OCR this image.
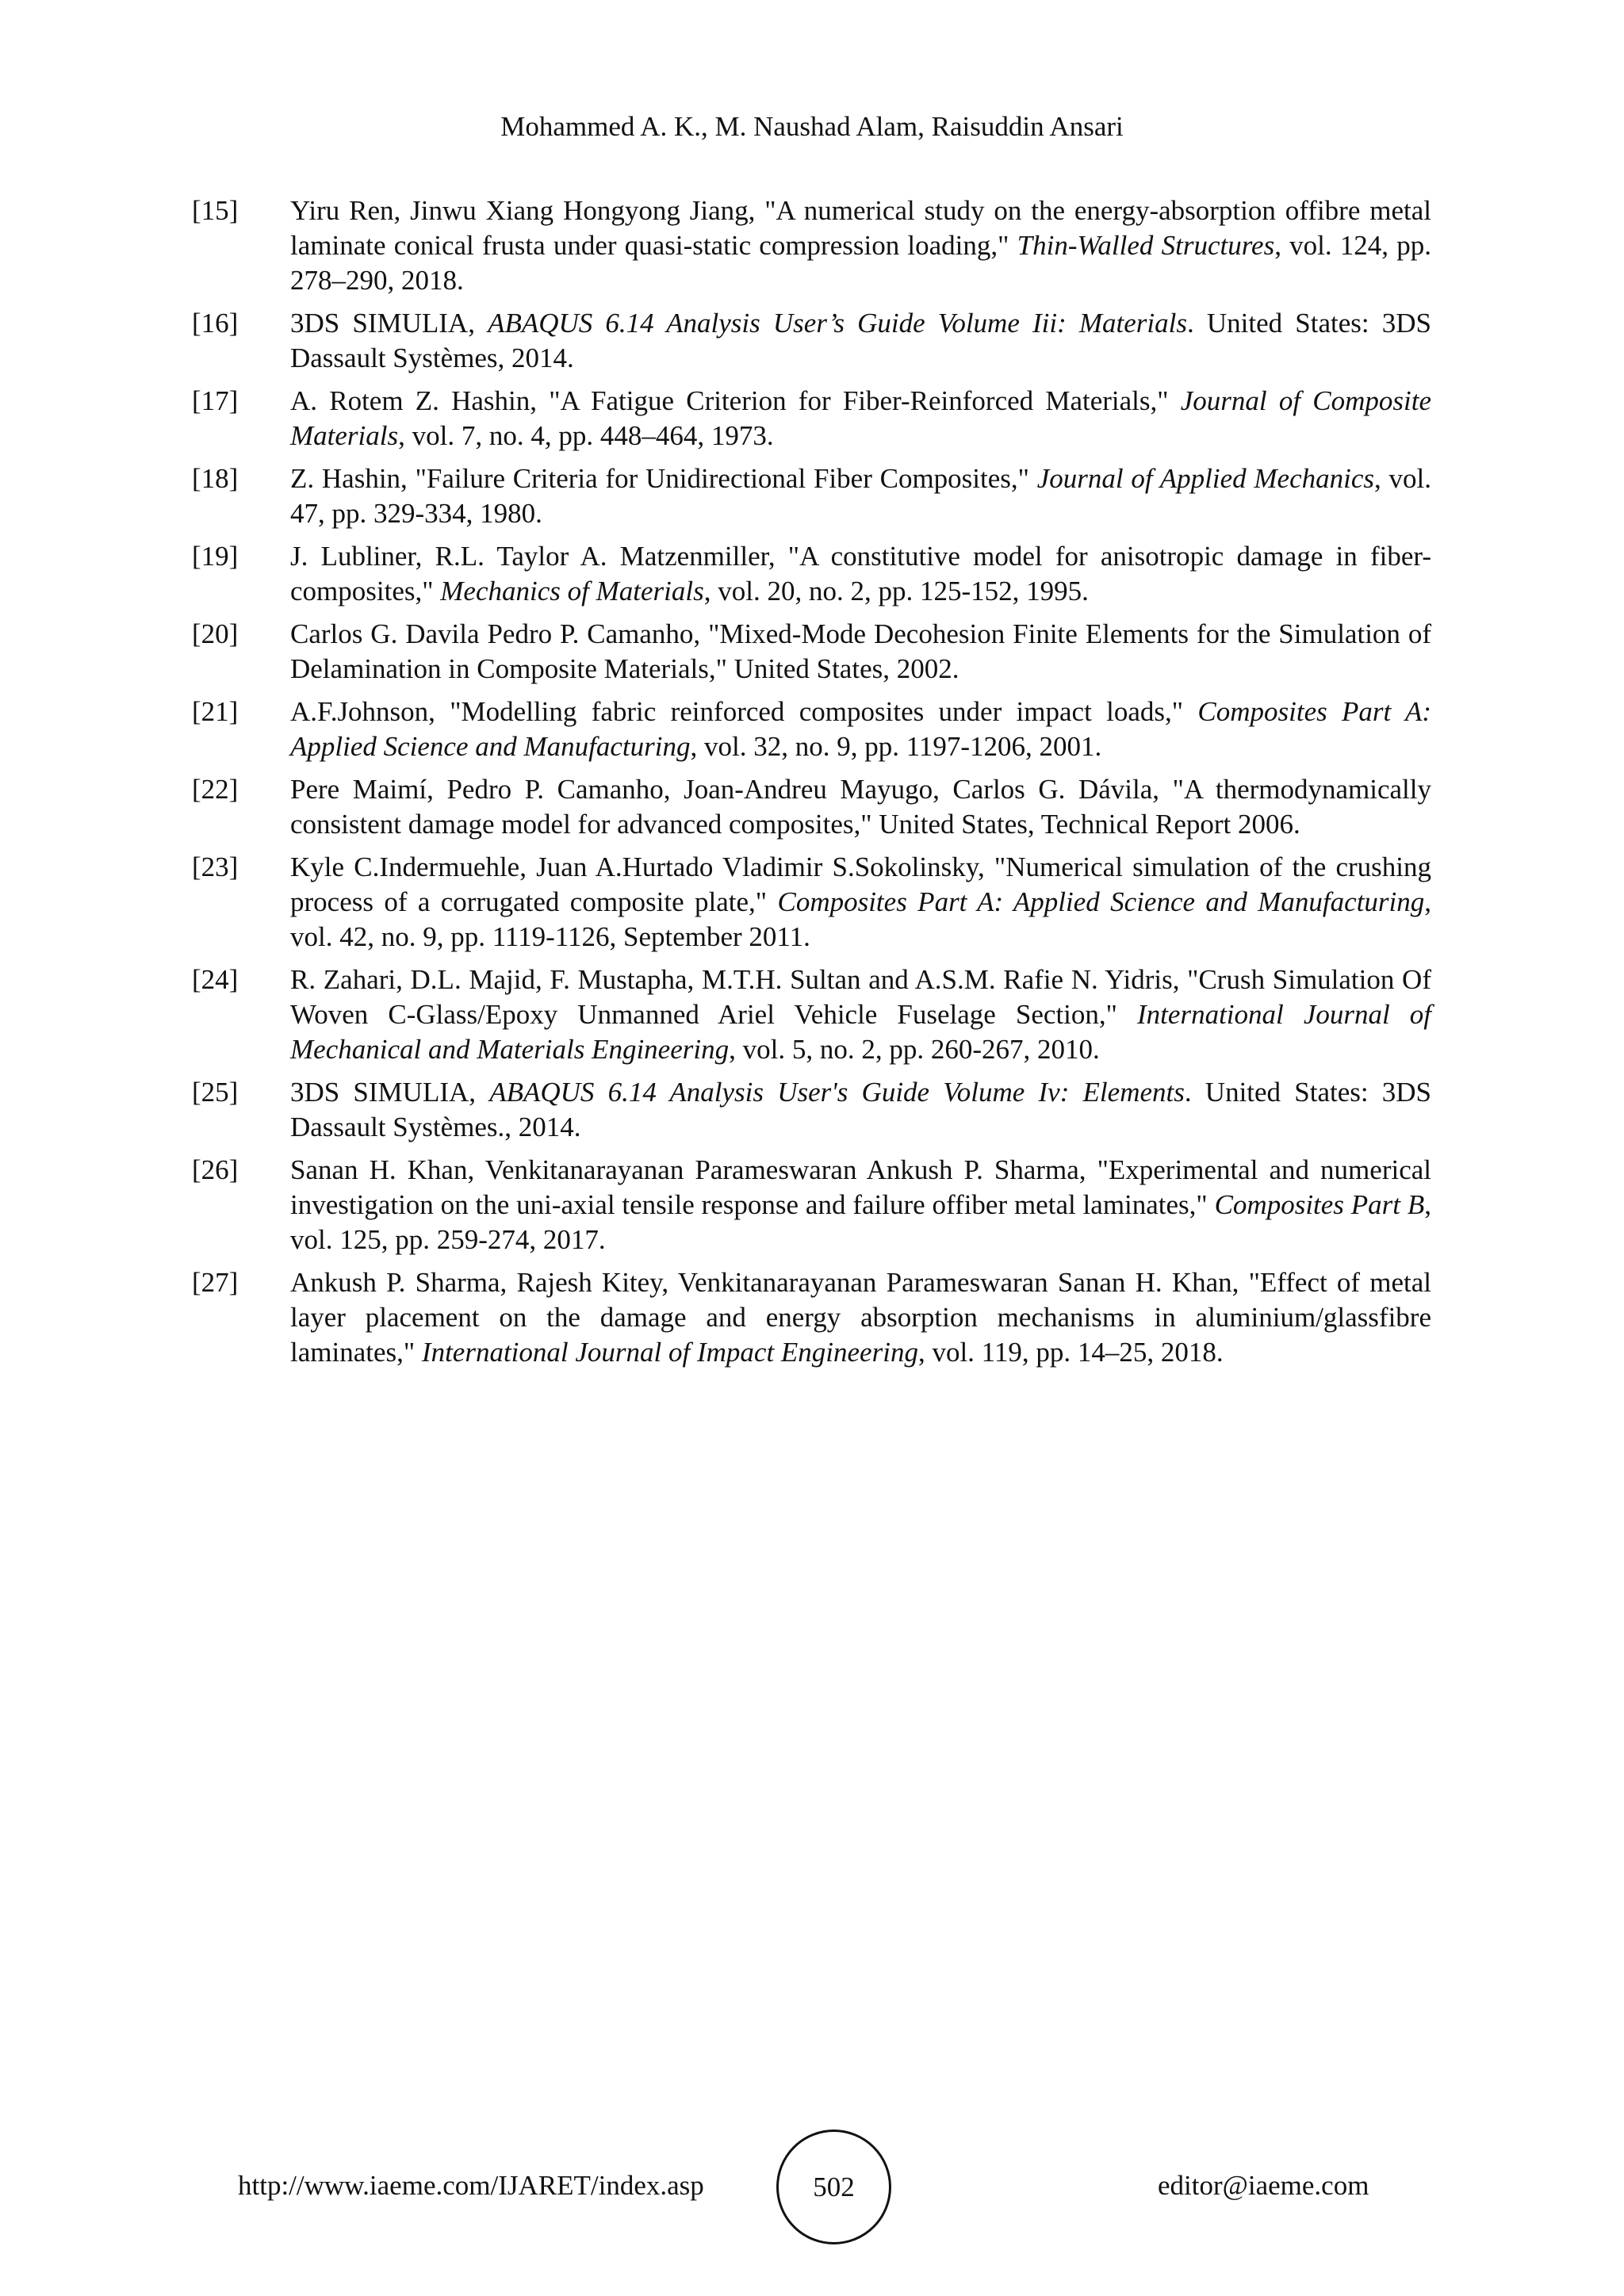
Mohammed A. K., M. Naushad Alam, Raisuddin Ansari
[15]	Yiru Ren, Jinwu Xiang Hongyong Jiang, "A numerical study on the energy-absorption offibre metal laminate conical frusta under quasi-static compression loading," Thin-Walled Structures, vol. 124, pp. 278–290, 2018.
[16]	3DS SIMULIA, ABAQUS 6.14 Analysis User’s Guide Volume Iii: Materials. United States: 3DS Dassault Systèmes, 2014.
[17]	A. Rotem Z. Hashin, "A Fatigue Criterion for Fiber-Reinforced Materials," Journal of Composite Materials, vol. 7, no. 4, pp. 448–464, 1973.
[18]	Z. Hashin, "Failure Criteria for Unidirectional Fiber Composites," Journal of Applied Mechanics, vol. 47, pp. 329-334, 1980.
[19]	J. Lubliner, R.L. Taylor A. Matzenmiller, "A constitutive model for anisotropic damage in fiber-composites," Mechanics of Materials, vol. 20, no. 2, pp. 125-152, 1995.
[20]	Carlos G. Davila Pedro P. Camanho, "Mixed-Mode Decohesion Finite Elements for the Simulation of Delamination in Composite Materials," United States, 2002.
[21]	A.F.Johnson, "Modelling fabric reinforced composites under impact loads," Composites Part A: Applied Science and Manufacturing, vol. 32, no. 9, pp. 1197-1206, 2001.
[22]	Pere Maimí, Pedro P. Camanho, Joan-Andreu Mayugo, Carlos G. Dávila, "A thermodynamically consistent damage model for advanced composites," United States, Technical Report 2006.
[23]	Kyle C.Indermuehle, Juan A.Hurtado Vladimir S.Sokolinsky, "Numerical simulation of the crushing process of a corrugated composite plate," Composites Part A: Applied Science and Manufacturing, vol. 42, no. 9, pp. 1119-1126, September 2011.
[24]	R. Zahari, D.L. Majid, F. Mustapha, M.T.H. Sultan and A.S.M. Rafie N. Yidris, "Crush Simulation Of Woven C-Glass/Epoxy Unmanned Ariel Vehicle Fuselage Section," International Journal of Mechanical and Materials Engineering, vol. 5, no. 2, pp. 260-267, 2010.
[25]	3DS SIMULIA, ABAQUS 6.14 Analysis User's Guide Volume Iv: Elements. United States: 3DS Dassault Systèmes., 2014.
[26]	Sanan H. Khan, Venkitanarayanan Parameswaran Ankush P. Sharma, "Experimental and numerical investigation on the uni-axial tensile response and failure offiber metal laminates," Composites Part B, vol. 125, pp. 259-274, 2017.
[27]	Ankush P. Sharma, Rajesh Kitey, Venkitanarayanan Parameswaran Sanan H. Khan, "Effect of metal layer placement on the damage and energy absorption mechanisms in aluminium/glassfibre laminates," International Journal of Impact Engineering, vol. 119, pp. 14–25, 2018.
http://www.iaeme.com/IJARET/index.asp	502	editor@iaeme.com
